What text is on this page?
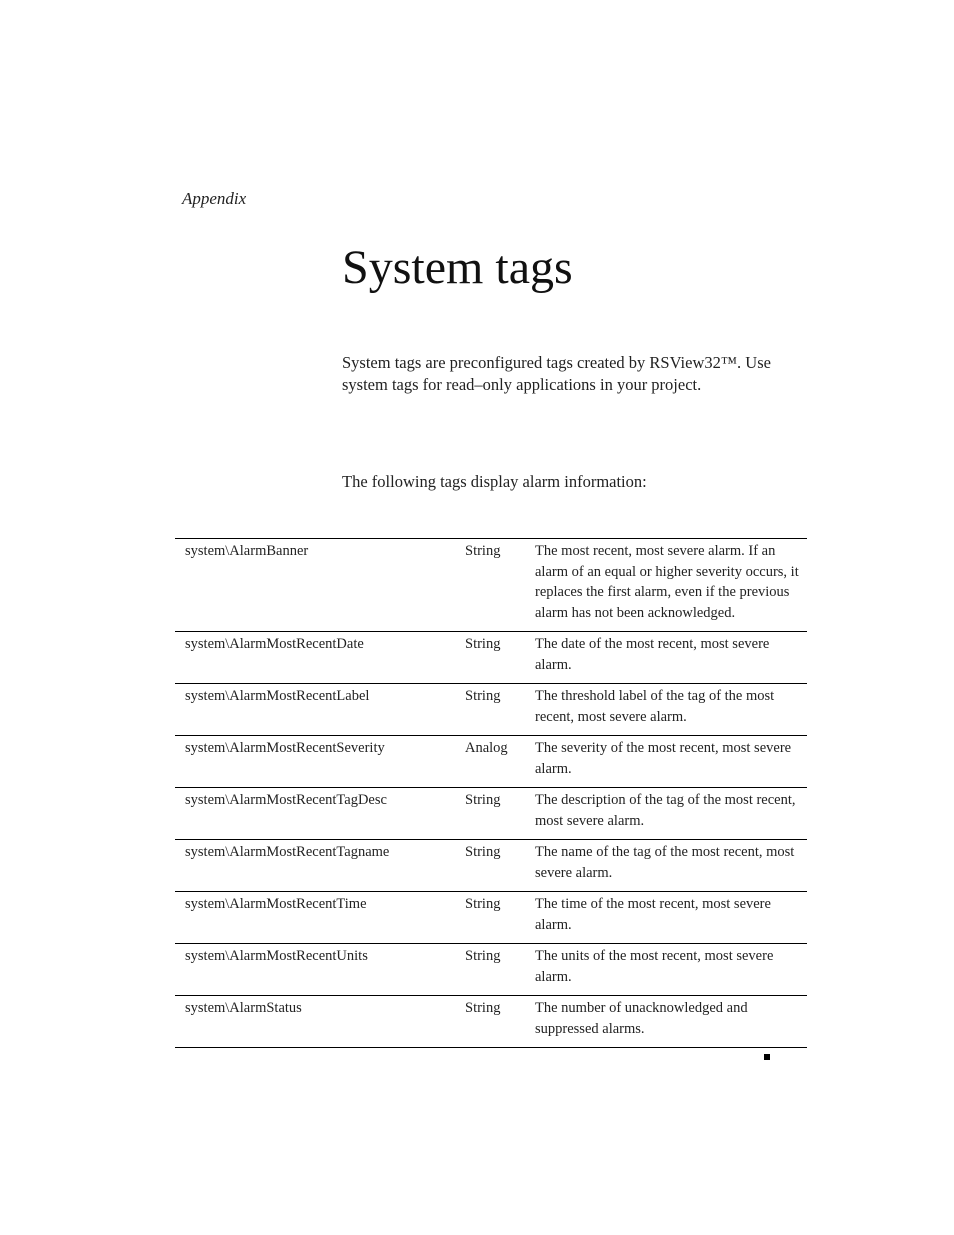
Appendix
System tags

System tags are preconfigured tags created by RSView32™. Use system tags for read–only applications in your project.

The following tags display alarm information:

system\AlarmBanner	String	The most recent, most severe alarm. If an alarm of an equal or higher severity occurs, it replaces the first alarm, even if the previous alarm has not been acknowledged.
system\AlarmMostRecentDate	String	The date of the most recent, most severe alarm.
system\AlarmMostRecentLabel	String	The threshold label of the tag of the most recent, most severe alarm.
system\AlarmMostRecentSeverity	Analog	The severity of the most recent, most severe alarm.
system\AlarmMostRecentTagDesc	String	The description of the tag of the most recent, most severe alarm.
system\AlarmMostRecentTagname	String	The name of the tag of the most recent, most severe alarm.
system\AlarmMostRecentTime	String	The time of the most recent, most severe alarm.
system\AlarmMostRecentUnits	String	The units of the most recent, most severe alarm.
system\AlarmStatus	String	The number of unacknowledged and suppressed alarms.
